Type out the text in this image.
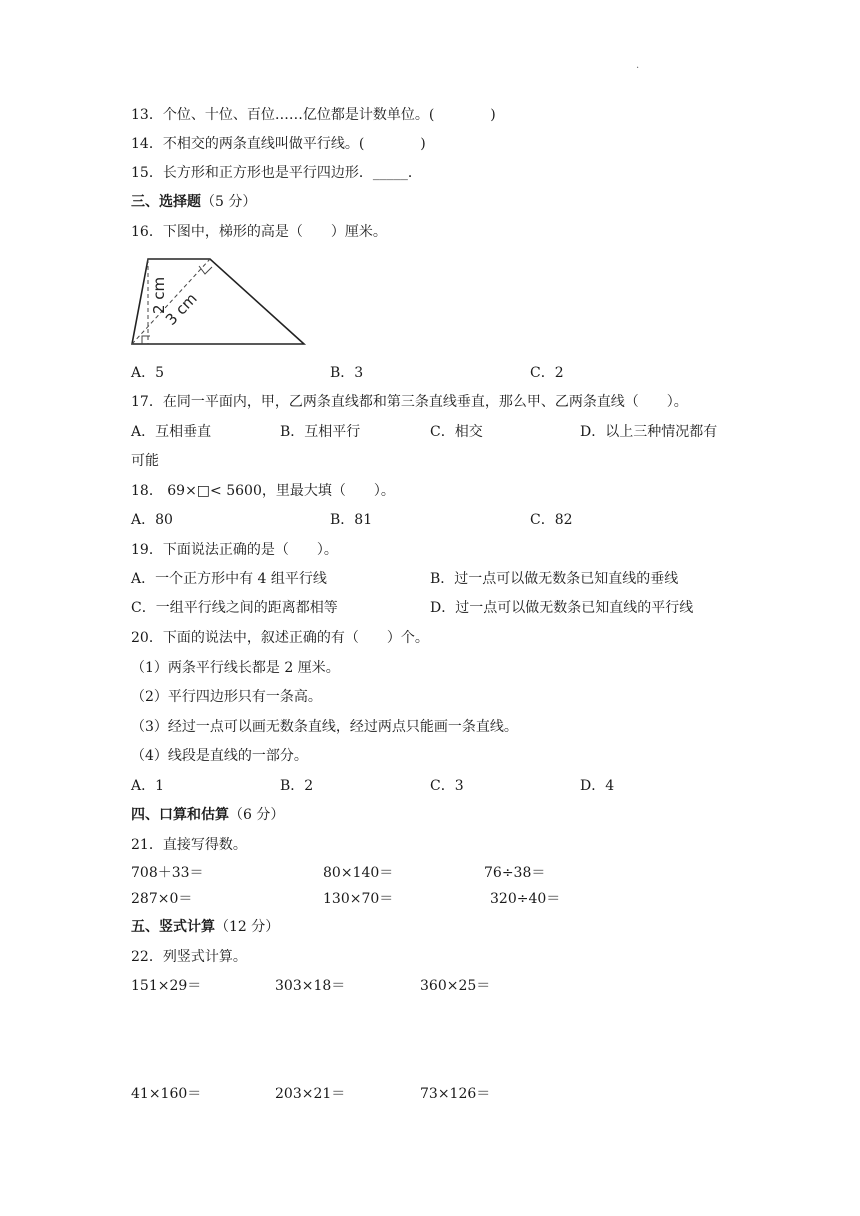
.
13．个位、十位、百位……亿位都是计数单位。(　　　　)
14．不相交的两条直线叫做平行线。(　　　　)
15．长方形和正方形也是平行四边形．_____．
三、选择题（5 分）
16．下图中，梯形的高是（　　）厘米。
2 cm
3 cm
A．5	B．3	C．2
17．在同一平面内，甲，乙两条直线都和第三条直线垂直，那么甲、乙两条直线（　　）。
A．互相垂直	B．互相平行	C．相交	D．以上三种情况都有
可能
18． 69×□< 5600，里最大填（　　）。
A．80	B．81	C．82
19．下面说法正确的是（　　）。
A．一个正方形中有 4 组平行线	B．过一点可以做无数条已知直线的垂线
C．一组平行线之间的距离都相等	D．过一点可以做无数条已知直线的平行线
20．下面的说法中，叙述正确的有（　　）个。
（1）两条平行线长都是 2 厘米。
（2）平行四边形只有一条高。
（3）经过一点可以画无数条直线，经过两点只能画一条直线。
（4）线段是直线的一部分。
A．1	B．2	C．3	D．4
四、口算和估算（6 分）
21．直接写得数。
708＋33＝	80×140＝	76÷38＝
287×0＝	130×70＝	320÷40＝
五、竖式计算（12 分）
22．列竖式计算。
151×29＝	303×18＝	360×25＝
41×160＝	203×21＝	73×126＝
